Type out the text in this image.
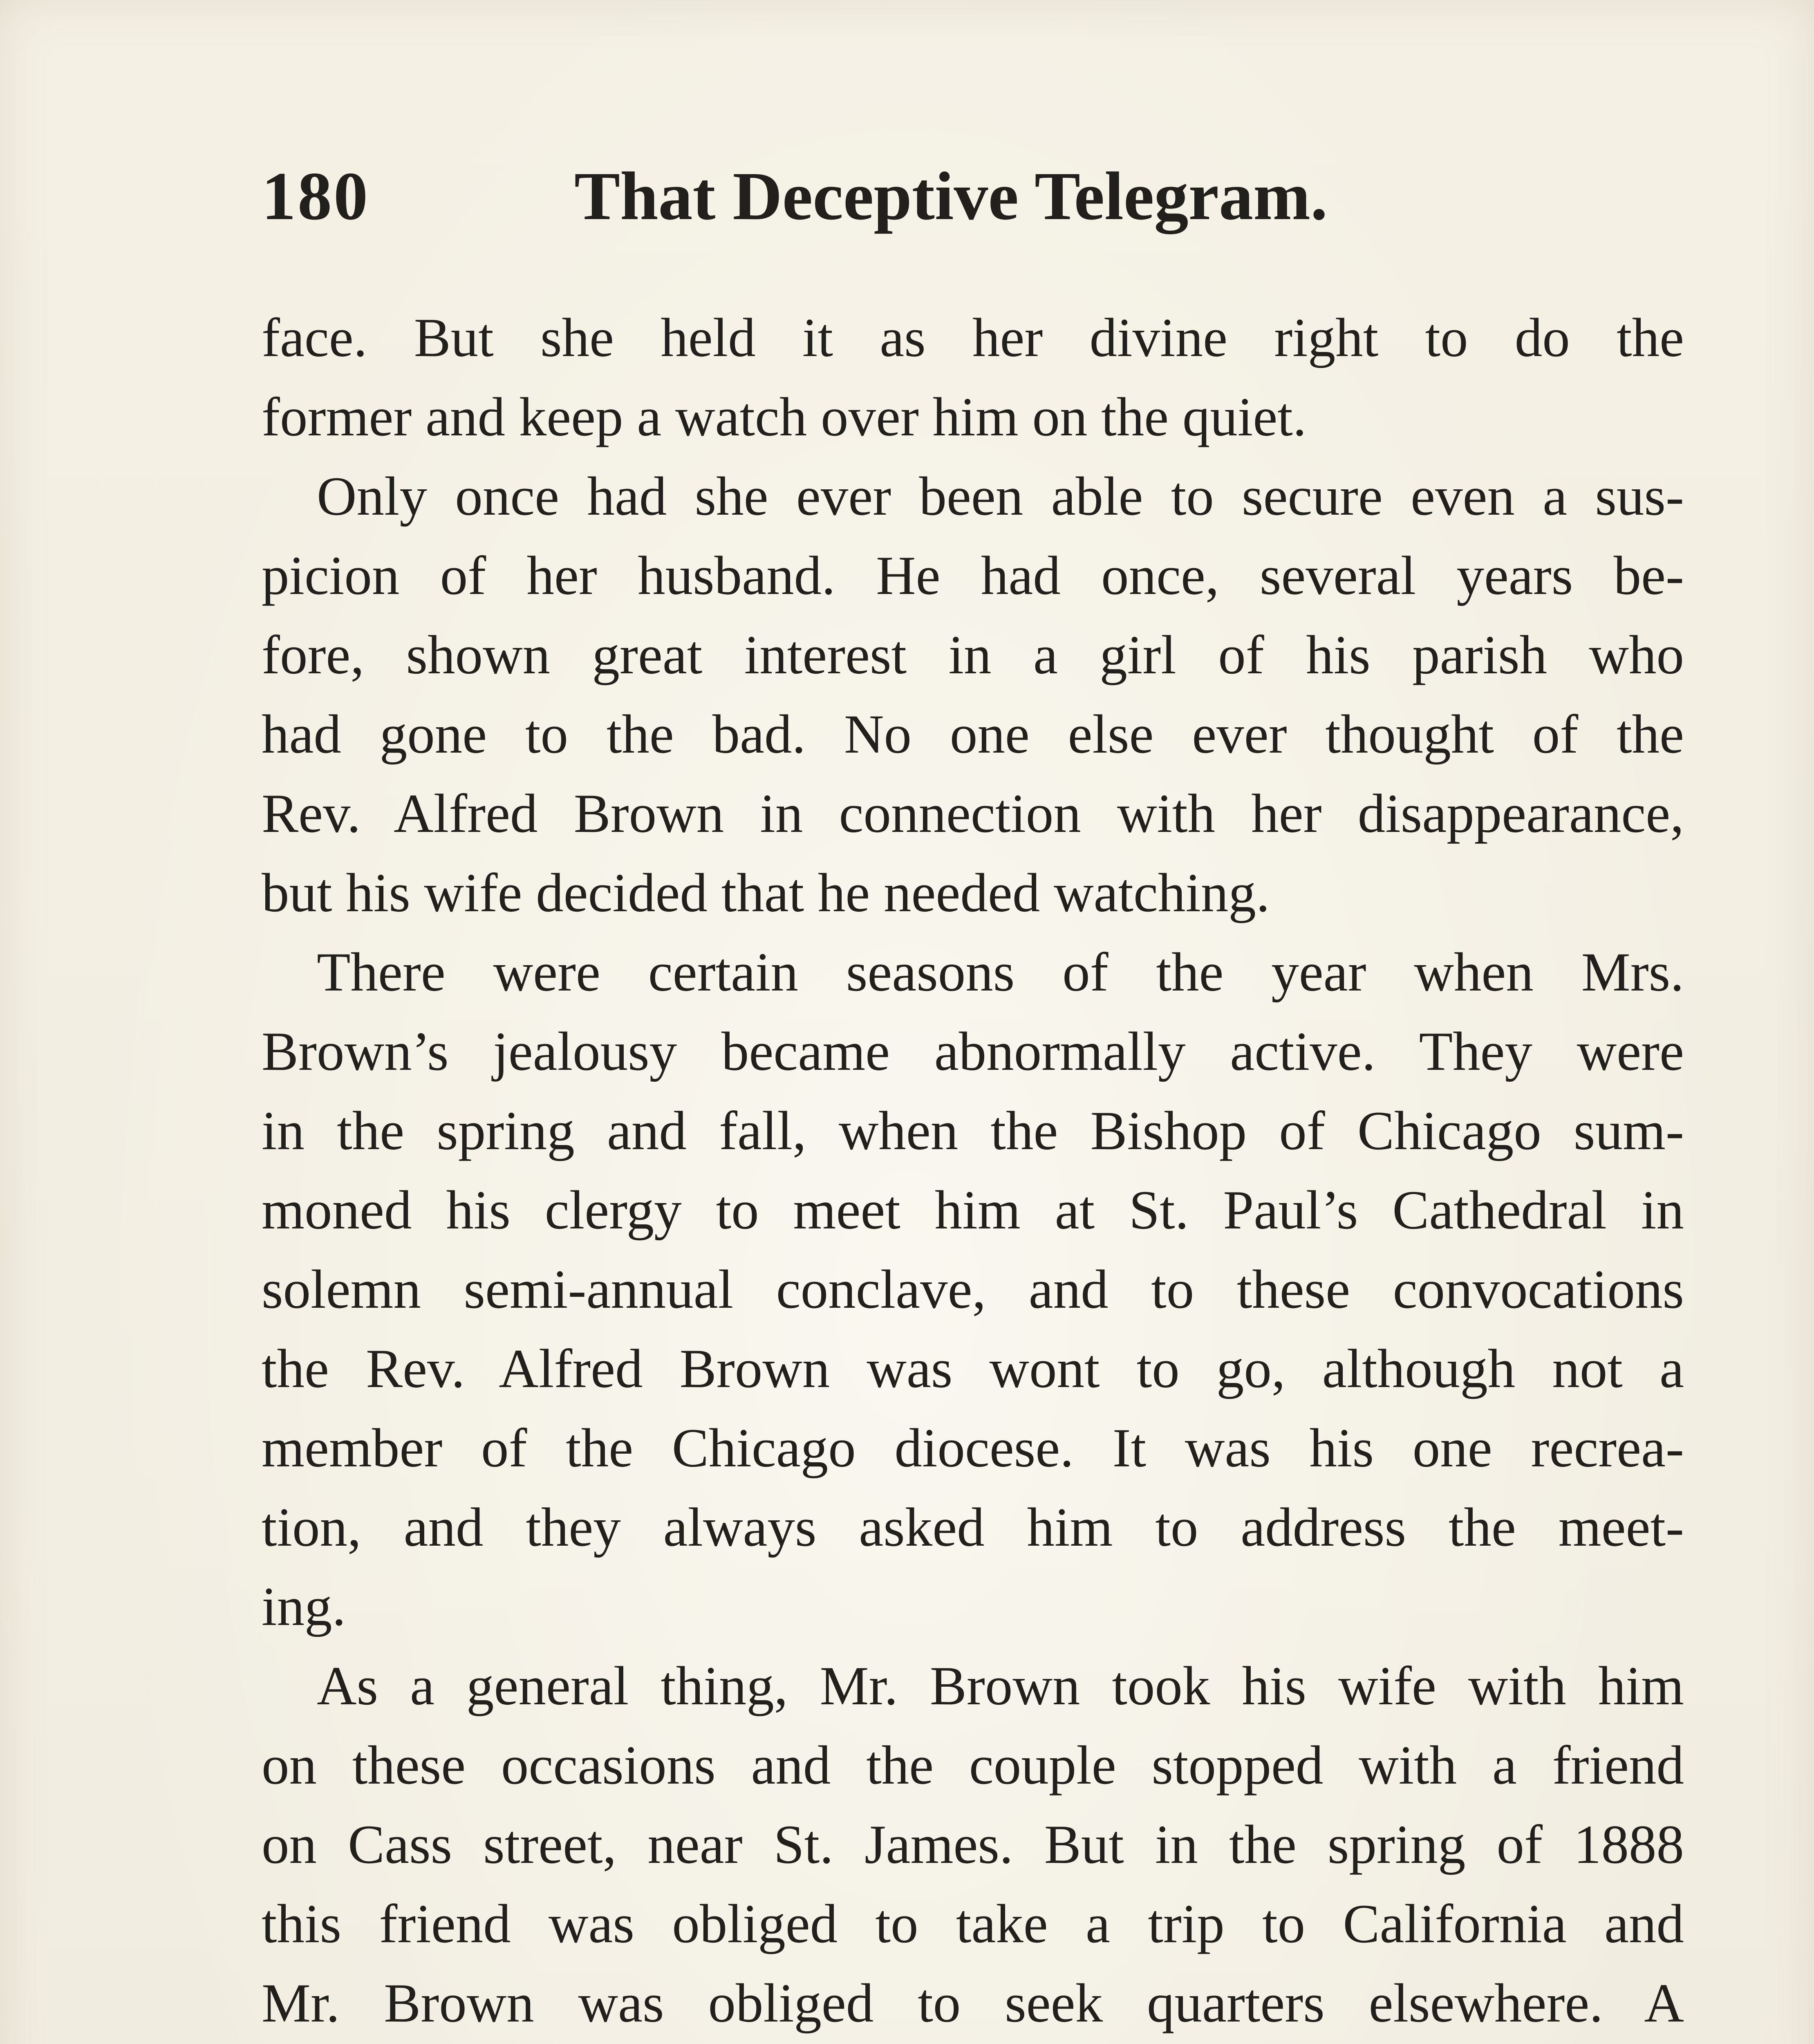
180	That Deceptive Telegram.
face. But she held it as her divine right to do the
former and keep a watch over him on the quiet.
Only once had she ever been able to secure even a sus-
picion of her husband. He had once, several years be-
fore, shown great interest in a girl of his parish who
had gone to the bad. No one else ever thought of the
Rev. Alfred Brown in connection with her disappearance,
but his wife decided that he needed watching.
There were certain seasons of the year when Mrs.
Brown’s jealousy became abnormally active. They were
in the spring and fall, when the Bishop of Chicago sum-
moned his clergy to meet him at St. Paul’s Cathedral in
solemn semi-annual conclave, and to these convocations
the Rev. Alfred Brown was wont to go, although not a
member of the Chicago diocese. It was his one recrea-
tion, and they always asked him to address the meet-
ing.
As a general thing, Mr. Brown took his wife with him
on these occasions and the couple stopped with a friend
on Cass street, near St. James. But in the spring of 1888
this friend was obliged to take a trip to California and
Mr. Brown was obliged to seek quarters elsewhere. A
